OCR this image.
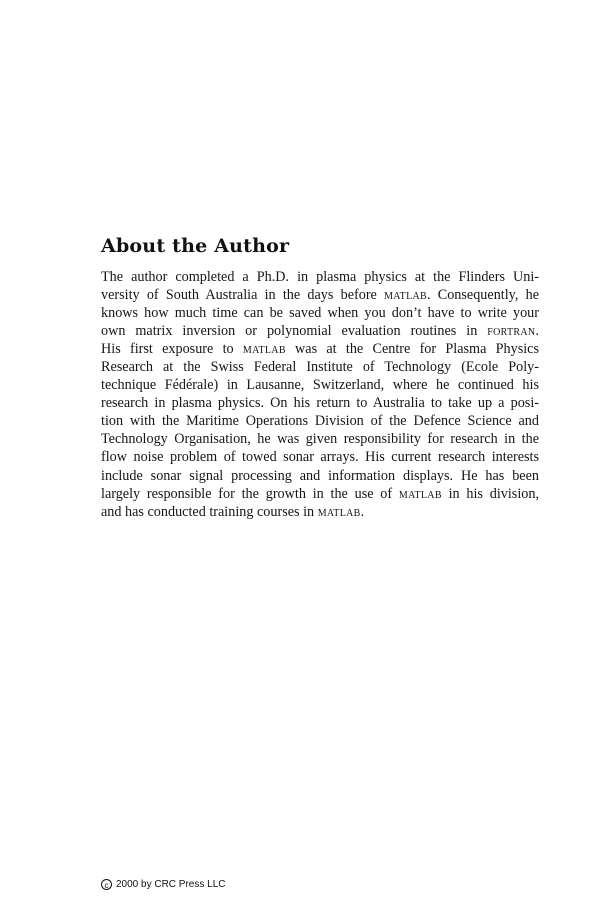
About the Author

The author completed a Ph.D. in plasma physics at the Flinders Uni-
versity of South Australia in the days before matlab. Consequently, he
knows how much time can be saved when you don’t have to write your
own matrix inversion or polynomial evaluation routines in fortran.
His first exposure to matlab was at the Centre for Plasma Physics
Research at the Swiss Federal Institute of Technology (Ecole Poly-
technique Fédérale) in Lausanne, Switzerland, where he continued his
research in plasma physics. On his return to Australia to take up a posi-
tion with the Maritime Operations Division of the Defence Science and
Technology Organisation, he was given responsibility for research in the
flow noise problem of towed sonar arrays. His current research interests
include sonar signal processing and information displays. He has been
largely responsible for the growth in the use of matlab in his division,
and has conducted training courses in matlab.

c 2000 by CRC Press LLC
